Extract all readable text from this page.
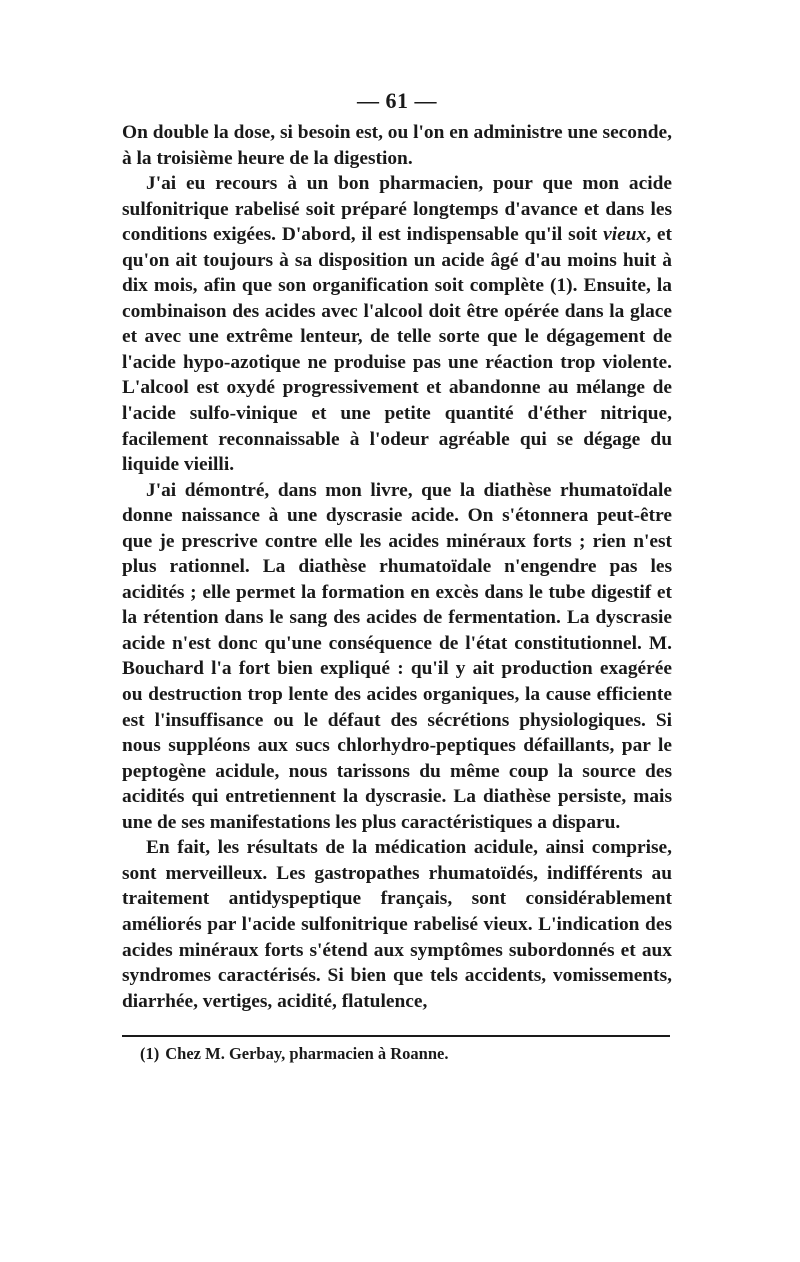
— 61 —

On double la dose, si besoin est, ou l'on en administre une seconde, à la troisième heure de la digestion.

J'ai eu recours à un bon pharmacien, pour que mon acide sulfonitrique rabelisé soit préparé longtemps d'avance et dans les conditions exigées. D'abord, il est indispensable qu'il soit vieux, et qu'on ait toujours à sa disposition un acide âgé d'au moins huit à dix mois, afin que son organification soit complète (1). Ensuite, la combinaison des acides avec l'alcool doit être opérée dans la glace et avec une extrême lenteur, de telle sorte que le dégagement de l'acide hypo-azotique ne produise pas une réaction trop violente. L'alcool est oxydé progressivement et abandonne au mélange de l'acide sulfo-vinique et une petite quantité d'éther nitrique, facilement reconnaissable à l'odeur agréable qui se dégage du liquide vieilli.

J'ai démontré, dans mon livre, que la diathèse rhumatoïdale donne naissance à une dyscrasie acide. On s'étonnera peut-être que je prescrive contre elle les acides minéraux forts ; rien n'est plus rationnel. La diathèse rhumatoïdale n'engendre pas les acidités ; elle permet la formation en excès dans le tube digestif et la rétention dans le sang des acides de fermentation. La dyscrasie acide n'est donc qu'une conséquence de l'état constitutionnel. M. Bouchard l'a fort bien expliqué : qu'il y ait production exagérée ou destruction trop lente des acides organiques, la cause efficiente est l'insuffisance ou le défaut des sécrétions physiologiques. Si nous suppléons aux sucs chlorhydro-peptiques défaillants, par le peptogène acidule, nous tarissons du même coup la source des acidités qui entretiennent la dyscrasie. La diathèse persiste, mais une de ses manifestations les plus caractéristiques a disparu.

En fait, les résultats de la médication acidule, ainsi comprise, sont merveilleux. Les gastropathes rhumatoïdés, indifférents au traitement antidyspeptique français, sont considérablement améliorés par l'acide sulfonitrique rabelisé vieux. L'indication des acides minéraux forts s'étend aux symptômes subordonnés et aux syndromes caractérisés. Si bien que tels accidents, vomissements, diarrhée, vertiges, acidité, flatulence,

(1) Chez M. Gerbay, pharmacien à Roanne.
